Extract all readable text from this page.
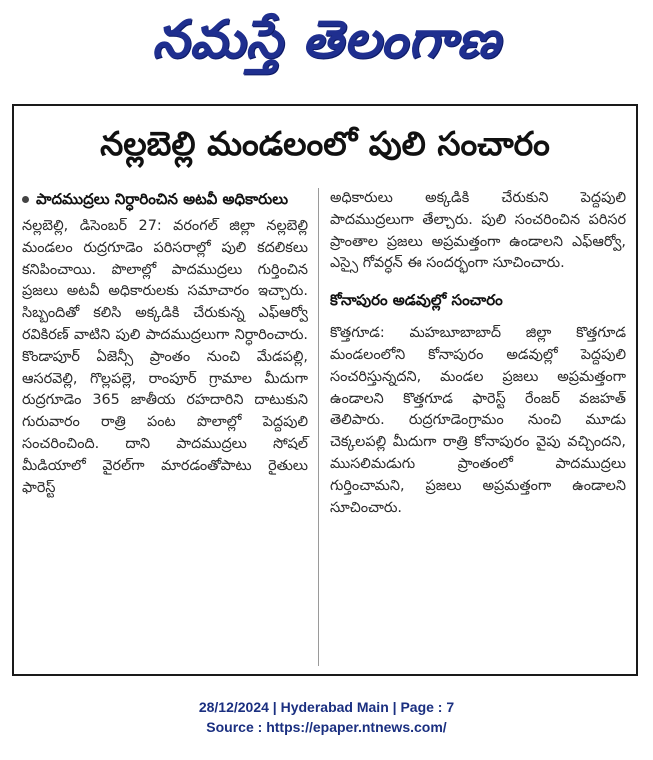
నమస్తే తెలంగాణ
నల్లబెల్లి మండలంలో పులి సంచారం
పాదముద్రలు నిర్ధారించిన అటవీ అధికారులు

నల్లబెల్లి, డిసెంబర్ 27: వరంగల్ జిల్లా నల్లబెల్లి మండలం రుద్రగూడెం పరిసరాల్లో పులి కదలికలు కనిపించాయి. పొలాల్లో పాదముద్రలు గుర్తించిన ప్రజలు అటవీ అధికారులకు సమాచారం ఇచ్చారు. సిబ్బందితో కలిసి అక్కడికి చేరుకున్న ఎఫ్ఆర్వో రవికిరణ్ వాటిని పులి పాదముద్రలుగా నిర్ధారించారు. కొండాపూర్ ఏజెన్సీ ప్రాంతం నుంచి మేడపల్లి, ఆసరవెల్లి, గొల్లపల్లె, రాంపూర్ గ్రామాల మీదుగా రుద్రగూడెం 365 జాతీయ రహదారిని దాటుకుని గురువారం రాత్రి పంట పొలాల్లో పెద్దపులి సంచరించింది. దాని పాదముద్రలు సోషల్ మీడియాలో వైరల్‌గా మారడంతోపాటు రైతులు ఫారెస్ట్

అధికారులు అక్కడికి చేరుకుని పెద్దపులి పాదముద్రలుగా తేల్చారు. పులి సంచరించిన పరిసర ప్రాంతాల ప్రజలు అప్రమత్తంగా ఉండాలని ఎఫ్ఆర్వో, ఎస్సై గోవర్ధన్ ఈ సందర్భంగా సూచించారు.

కోనాపురం అడవుల్లో సంచారం

కొత్తగూడ: మహబూబాబాద్ జిల్లా కొత్తగూడ మండలంలోని కోనాపురం అడవుల్లో పెద్దపులి సంచరిస్తున్నదని, మండల ప్రజలు అప్రమత్తంగా ఉండాలని కొత్తగూడ ఫారెస్ట్ రేంజర్ వజహత్ తెలిపారు. రుద్రగూడెంగ్రామం నుంచి మూడు చెక్కలపల్లి మీదుగా రాత్రి కోనాపురం వైపు వచ్చిందని, ముసలిమడుగు ప్రాంతంలో పాదముద్రలు గుర్తించామని, ప్రజలు అప్రమత్తంగా ఉండాలని సూచించారు.

28/12/2024 | Hyderabad Main | Page : 7
Source : https://epaper.ntnews.com/
